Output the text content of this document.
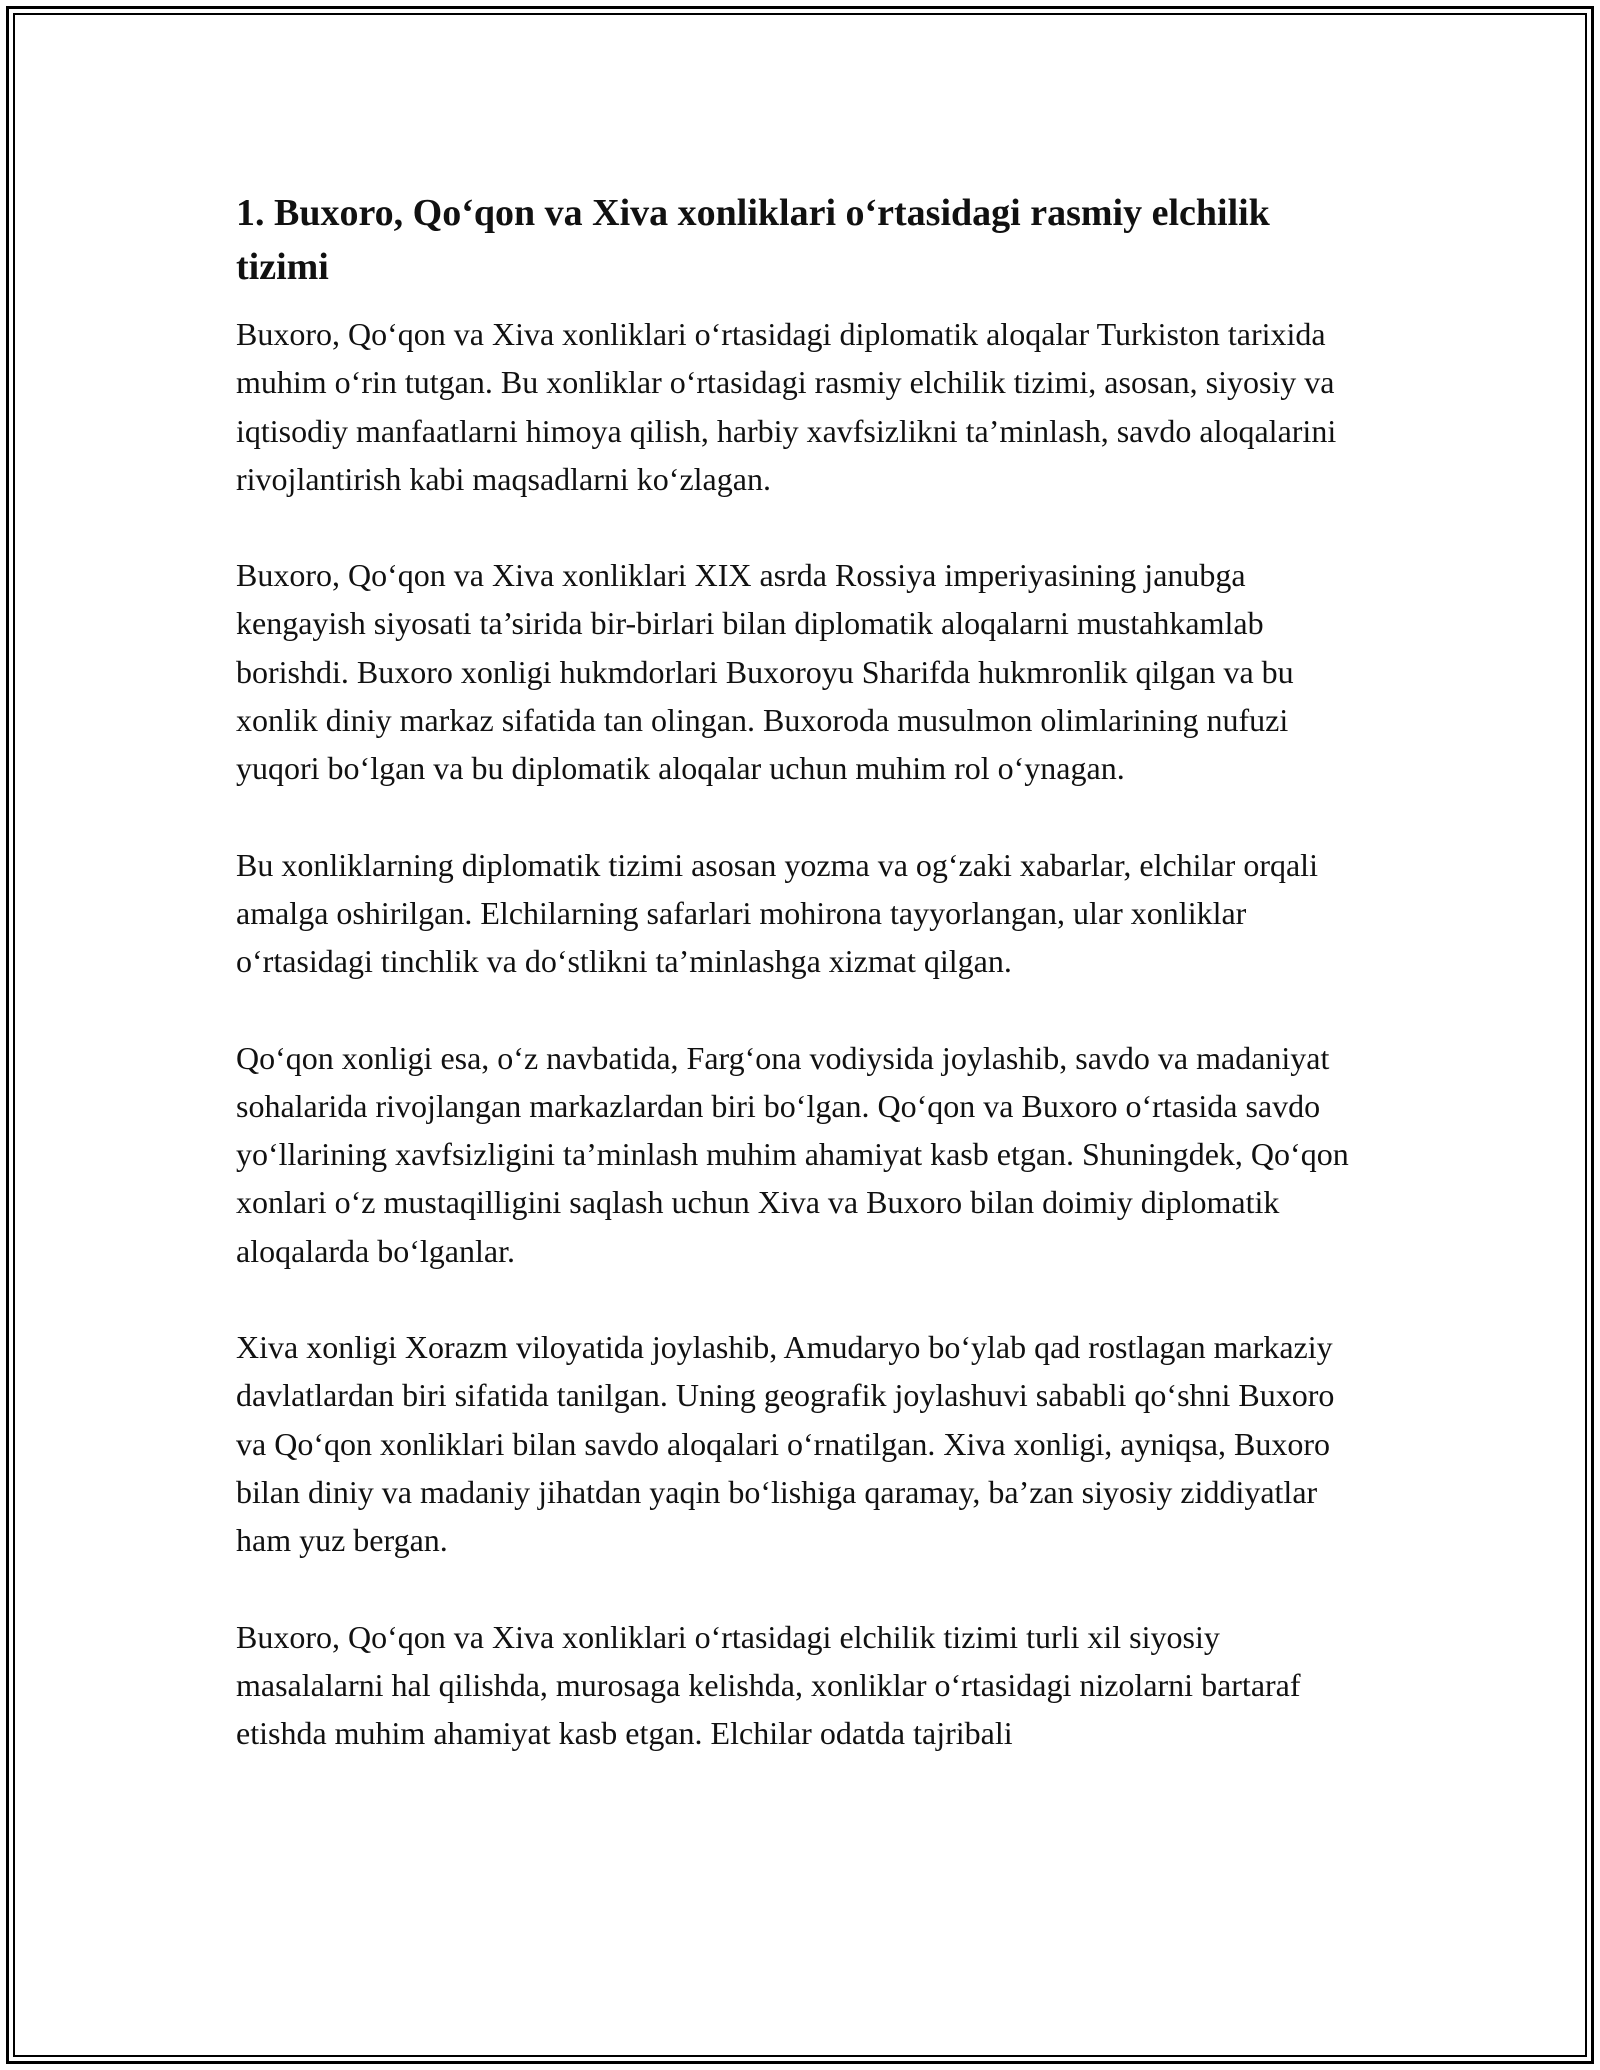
1. Buxoro, Qo‘qon va Xiva xonliklari o‘rtasidagi rasmiy elchilik tizimi

Buxoro, Qo‘qon va Xiva xonliklari o‘rtasidagi diplomatik aloqalar Turkiston tarixida muhim o‘rin tutgan. Bu xonliklar o‘rtasidagi rasmiy elchilik tizimi, asosan, siyosiy va iqtisodiy manfaatlarni himoya qilish, harbiy xavfsizlikni ta’minlash, savdo aloqalarini rivojlantirish kabi maqsadlarni ko‘zlagan.

Buxoro, Qo‘qon va Xiva xonliklari XIX asrda Rossiya imperiyasining janubga kengayish siyosati ta’sirida bir-birlari bilan diplomatik aloqalarni mustahkamlab borishdi. Buxoro xonligi hukmdorlari Buxoroyu Sharifda hukmronlik qilgan va bu xonlik diniy markaz sifatida tan olingan. Buxoroda musulmon olimlarining nufuzi yuqori bo‘lgan va bu diplomatik aloqalar uchun muhim rol o‘ynagan.

Bu xonliklarning diplomatik tizimi asosan yozma va og‘zaki xabarlar, elchilar orqali amalga oshirilgan. Elchilarning safarlari mohirona tayyorlangan, ular xonliklar o‘rtasidagi tinchlik va do‘stlikni ta’minlashga xizmat qilgan.

Qo‘qon xonligi esa, o‘z navbatida, Farg‘ona vodiysida joylashib, savdo va madaniyat sohalarida rivojlangan markazlardan biri bo‘lgan. Qo‘qon va Buxoro o‘rtasida savdo yo‘llarining xavfsizligini ta’minlash muhim ahamiyat kasb etgan. Shuningdek, Qo‘qon xonlari o‘z mustaqilligini saqlash uchun Xiva va Buxoro bilan doimiy diplomatik aloqalarda bo‘lganlar.

Xiva xonligi Xorazm viloyatida joylashib, Amudaryo bo‘ylab qad rostlagan markaziy davlatlardan biri sifatida tanilgan. Uning geografik joylashuvi sababli qo‘shni Buxoro va Qo‘qon xonliklari bilan savdo aloqalari o‘rnatilgan. Xiva xonligi, ayniqsa, Buxoro bilan diniy va madaniy jihatdan yaqin bo‘lishiga qaramay, ba’zan siyosiy ziddiyatlar ham yuz bergan.

Buxoro, Qo‘qon va Xiva xonliklari o‘rtasidagi elchilik tizimi turli xil siyosiy masalalarni hal qilishda, murosaga kelishda, xonliklar o‘rtasidagi nizolarni bartaraf etishda muhim ahamiyat kasb etgan. Elchilar odatda tajribali
